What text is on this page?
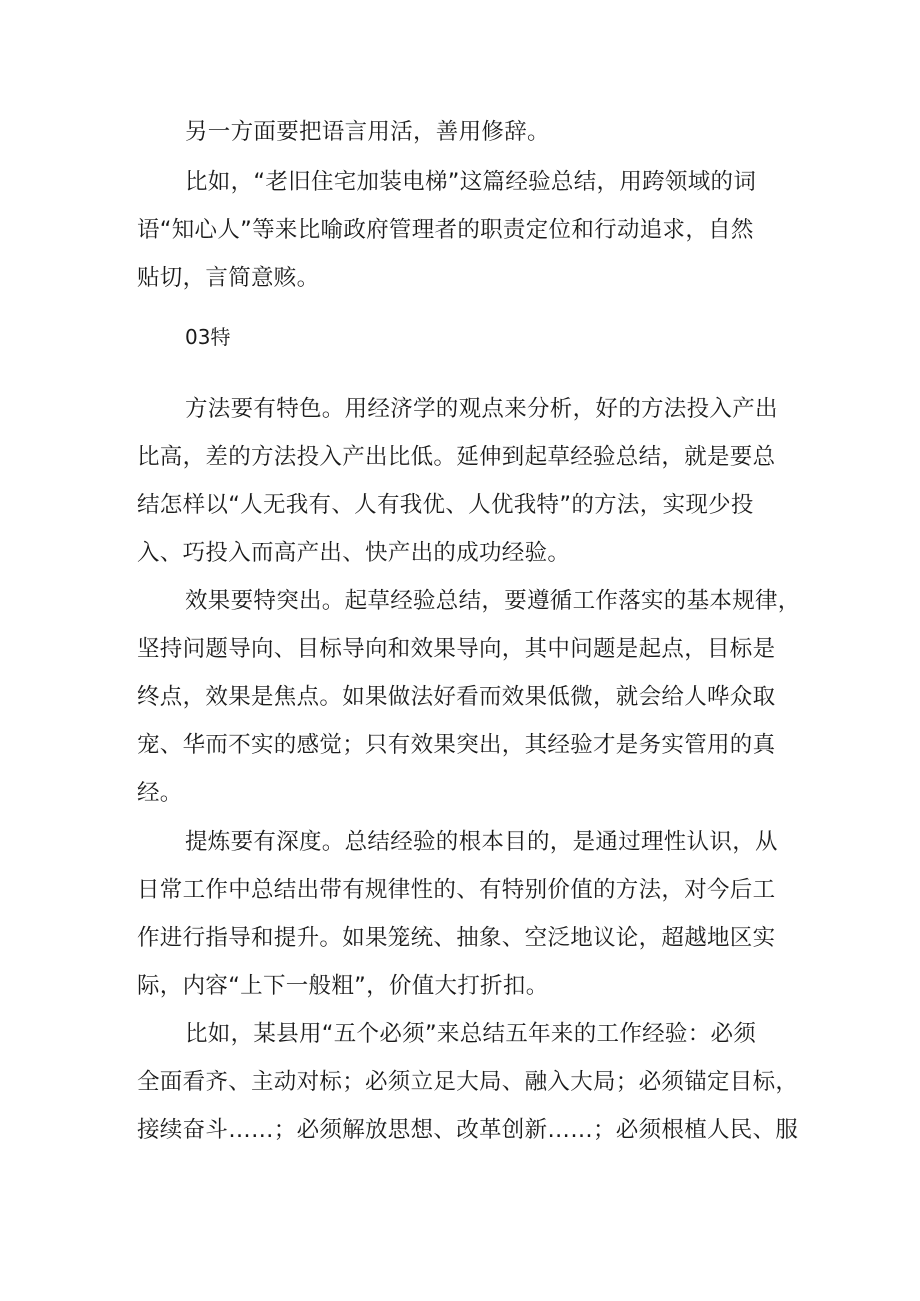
另一方面要把语言用活，善用修辞。
比如，“老旧住宅加装电梯”这篇经验总结，用跨领域的词
语“知心人”等来比喻政府管理者的职责定位和行动追求，自然
贴切，言简意赅。
03特
方法要有特色。用经济学的观点来分析，好的方法投入产出
比高，差的方法投入产出比低。延伸到起草经验总结，就是要总
结怎样以“人无我有、人有我优、人优我特”的方法，实现少投
入、巧投入而高产出、快产出的成功经验。
效果要特突出。起草经验总结，要遵循工作落实的基本规律，
坚持问题导向、目标导向和效果导向，其中问题是起点，目标是
终点，效果是焦点。如果做法好看而效果低微，就会给人哗众取
宠、华而不实的感觉；只有效果突出，其经验才是务实管用的真
经。
提炼要有深度。总结经验的根本目的，是通过理性认识，从
日常工作中总结出带有规律性的、有特别价值的方法，对今后工
作进行指导和提升。如果笼统、抽象、空泛地议论，超越地区实
际，内容“上下一般粗”，价值大打折扣。
比如，某县用“五个必须”来总结五年来的工作经验：必须
全面看齐、主动对标；必须立足大局、融入大局；必须锚定目标，
接续奋斗……；必须解放思想、改革创新……；必须根植人民、服
